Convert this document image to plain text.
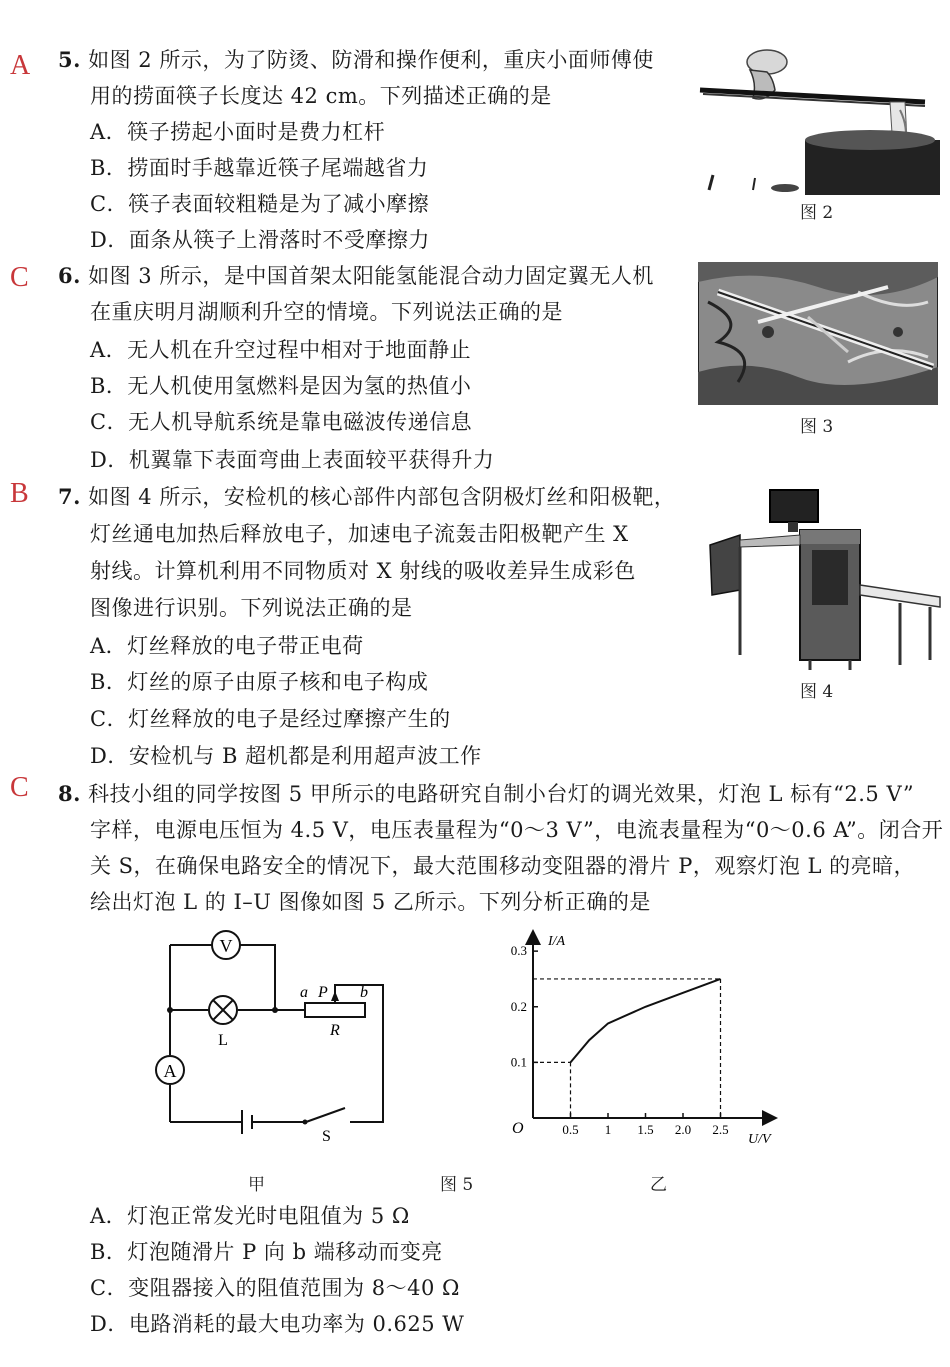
A 5. 如图 2 所示，为了防烫、防滑和操作便利，重庆小面师傅使
用的捞面筷子长度达 42 cm。下列描述正确的是
A．筷子捞起小面时是费力杠杆
B．捞面时手越靠近筷子尾端越省力
C．筷子表面较粗糙是为了减小摩擦
D．面条从筷子上滑落时不受摩擦力
图 2
C 6. 如图 3 所示，是中国首架太阳能氢能混合动力固定翼无人机
在重庆明月湖顺利升空的情境。下列说法正确的是
A．无人机在升空过程中相对于地面静止
B．无人机使用氢燃料是因为氢的热值小
C．无人机导航系统是靠电磁波传递信息
D．机翼靠下表面弯曲上表面较平获得升力
图 3
B 7. 如图 4 所示，安检机的核心部件内部包含阴极灯丝和阳极靶，
灯丝通电加热后释放电子，加速电子流轰击阳极靶产生 X
射线。计算机利用不同物质对 X 射线的吸收差异生成彩色
图像进行识别。下列说法正确的是
A．灯丝释放的电子带正电荷
B．灯丝的原子由原子核和电子构成
C．灯丝释放的电子是经过摩擦产生的
D．安检机与 B 超机都是利用超声波工作
图 4
C 8. 科技小组的同学按图 5 甲所示的电路研究自制小台灯的调光效果，灯泡 L 标有“2.5 V”
字样，电源电压恒为 4.5 V，电压表量程为“0～3 V”，电流表量程为“0～0.6 A”。闭合开
关 S，在确保电路安全的情况下，最大范围移动变阻器的滑片 P，观察灯泡 L 的亮暗，
绘出灯泡 L 的 I–U 图像如图 5 乙所示。下列分析正确的是
V
L
A
a P b
R
S
I/A
U/V
O	0.5 1 1.5 2.0 2.5
0.1
0.2
0.3
甲	图 5	乙
A．灯泡正常发光时电阻值为 5 Ω
B．灯泡随滑片 P 向 b 端移动而变亮
C．变阻器接入的阻值范围为 8～40 Ω
D．电路消耗的最大电功率为 0.625 W
